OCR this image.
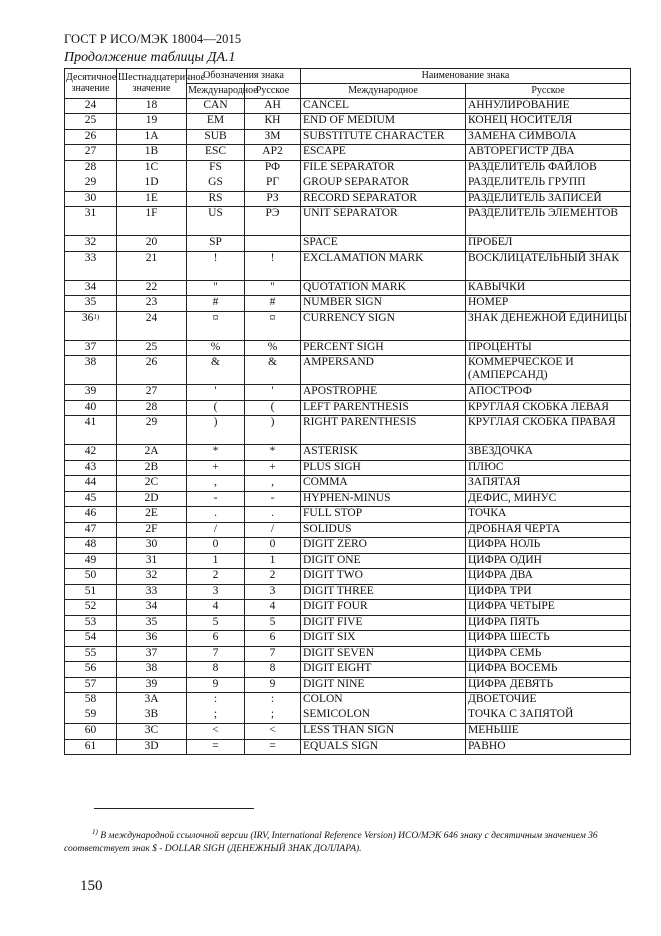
ГОСТ Р ИСО/МЭК 18004—2015
Продолжение таблицы ДА.1
Десятичное значение	Шестнадцатеричное значение	Обозначения знака		Наименование знака	
		Международное	Русское	Международное	Русское
24	18	CAN	АН	CANCEL	АННУЛИРОВАНИЕ
25	19	EM	КН	END OF MEDIUM	КОНЕЦ НОСИТЕЛЯ
26	1A	SUB	ЗМ	SUBSTITUTE CHARACTER	ЗАМЕНА СИМВОЛА
27	1B	ESC	АР2	ESCAPE	АВТОРЕГИСТР ДВА
28	1C	FS	РФ	FILE SEPARATOR	РАЗДЕЛИТЕЛЬ ФАЙЛОВ
29	1D	GS	РГ	GROUP SEPARATOR	РАЗДЕЛИТЕЛЬ ГРУПП
30	1E	RS	РЗ	RECORD SEPARATOR	РАЗДЕЛИТЕЛЬ ЗАПИСЕЙ
31	1F	US	РЭ	UNIT SEPARATOR	РАЗДЕЛИТЕЛЬ ЭЛЕМЕНТОВ
32	20	SP		SPACE	ПРОБЕЛ
33	21	!	!	EXCLAMATION MARK	ВОСКЛИЦАТЕЛЬНЫЙ ЗНАК
34	22	"	"	QUOTATION MARK	КАВЫЧКИ
35	23	#	#	NUMBER SIGN	НОМЕР
36$^{1)}$	24	¤	¤	CURRENCY SIGN	ЗНАК ДЕНЕЖНОЙ ЕДИНИЦЫ
37	25	%	%	PERCENT SIGH	ПРОЦЕНТЫ
38	26	&	&	AMPERSAND	КОММЕРЧЕСКОЕ И (АМПЕРСАНД)
39	27	'	'	APOSTROPHE	АПОСТРОФ
40	28	(	(	LEFT PARENTHESIS	КРУГЛАЯ СКОБКА ЛЕВАЯ
41	29	)	)	RIGHT PARENTHESIS	КРУГЛАЯ СКОБКА ПРАВАЯ
42	2A	*	*	ASTERISK	ЗВЕЗДОЧКА
43	2B	+	+	PLUS SIGH	ПЛЮС
44	2C	,	,	COMMA	ЗАПЯТАЯ
45	2D	-	-	HYPHEN-MINUS	ДЕФИС, МИНУС
46	2E	.	.	FULL STOP	ТОЧКА
47	2F	/	/	SOLIDUS	ДРОБНАЯ ЧЕРТА
48	30	0	0	DIGIT ZERO	ЦИФРА НОЛЬ
49	31	1	1	DIGIT ONE	ЦИФРА ОДИН
50	32	2	2	DIGIT TWO	ЦИФРА ДВА
51	33	3	3	DIGIT THREE	ЦИФРА ТРИ
52	34	4	4	DIGIT FOUR	ЦИФРА ЧЕТЫРЕ
53	35	5	5	DIGIT FIVE	ЦИФРА ПЯТЬ
54	36	6	6	DIGIT SIX	ЦИФРА ШЕСТЬ
55	37	7	7	DIGIT SEVEN	ЦИФРА СЕМЬ
56	38	8	8	DIGIT EIGHT	ЦИФРА ВОСЕМЬ
57	39	9	9	DIGIT NINE	ЦИФРА ДЕВЯТЬ
58	3A	:	:	COLON	ДВОЕТОЧИЕ
59	3B	;	;	SEMICOLON	ТОЧКА С ЗАПЯТОЙ
60	3C	<	<	LESS THAN SIGN	МЕНЬШЕ
61	3D	=	=	EQUALS SIGN	РАВНО
$^{1)}$ В международной ссылочной версии (IRV, International Reference Version) ИСО/МЭК 646 знаку с десятичным значением 36 соответствует знак $ - DOLLAR SIGH (ДЕНЕЖНЫЙ ЗНАК ДОЛЛАРА).
150
